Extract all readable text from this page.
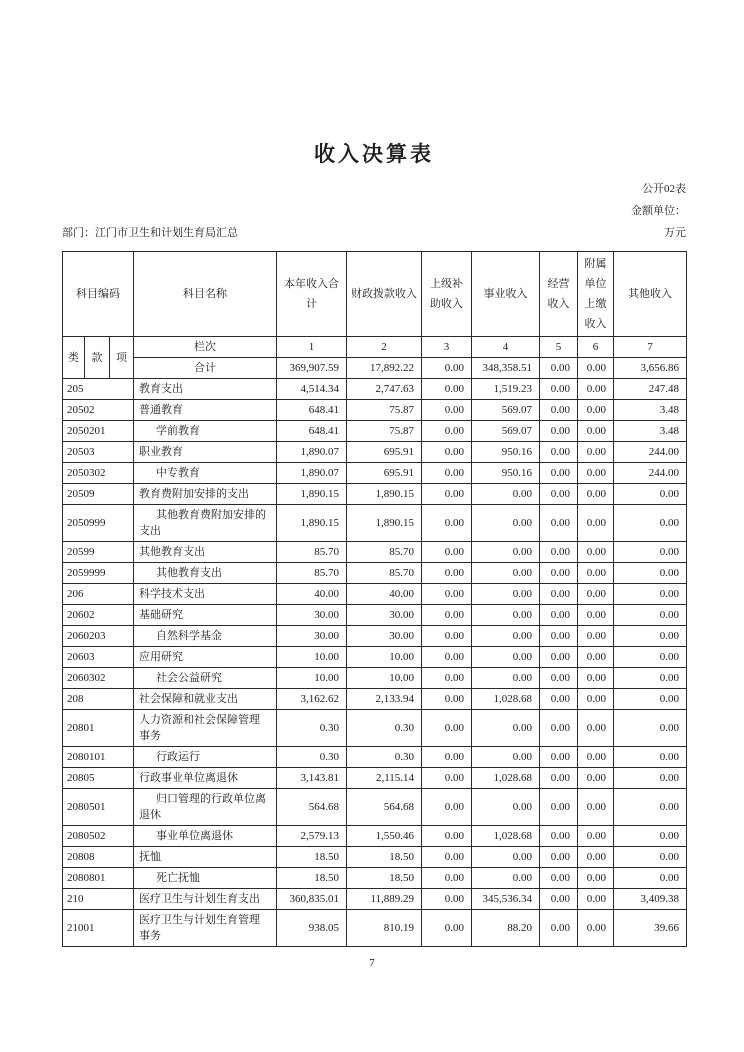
收入决算表
公开02表
金额单位：
部门：江门市卫生和计划生育局汇总	万元
科目编码			科目名称	本年收入合计	财政拨款收入	上级补助收入	事业收入	经营收入	附属单位上缴收入	其他收入
类	款	项	栏次	1	2	3	4	5	6	7
			合计	369,907.59	17,892.22	0.00	348,358.51	0.00	0.00	3,656.86
205			教育支出	4,514.34	2,747.63	0.00	1,519.23	0.00	0.00	247.48
20502			普通教育	648.41	75.87	0.00	569.07	0.00	0.00	3.48
2050201			学前教育	648.41	75.87	0.00	569.07	0.00	0.00	3.48
20503			职业教育	1,890.07	695.91	0.00	950.16	0.00	0.00	244.00
2050302			中专教育	1,890.07	695.91	0.00	950.16	0.00	0.00	244.00
20509			教育费附加安排的支出	1,890.15	1,890.15	0.00	0.00	0.00	0.00	0.00
2050999			其他教育费附加安排的支出	1,890.15	1,890.15	0.00	0.00	0.00	0.00	0.00
20599			其他教育支出	85.70	85.70	0.00	0.00	0.00	0.00	0.00
2059999			其他教育支出	85.70	85.70	0.00	0.00	0.00	0.00	0.00
206			科学技术支出	40.00	40.00	0.00	0.00	0.00	0.00	0.00
20602			基础研究	30.00	30.00	0.00	0.00	0.00	0.00	0.00
2060203			自然科学基金	30.00	30.00	0.00	0.00	0.00	0.00	0.00
20603			应用研究	10.00	10.00	0.00	0.00	0.00	0.00	0.00
2060302			社会公益研究	10.00	10.00	0.00	0.00	0.00	0.00	0.00
208			社会保障和就业支出	3,162.62	2,133.94	0.00	1,028.68	0.00	0.00	0.00
20801			人力资源和社会保障管理事务	0.30	0.30	0.00	0.00	0.00	0.00	0.00
2080101			行政运行	0.30	0.30	0.00	0.00	0.00	0.00	0.00
20805			行政事业单位离退休	3,143.81	2,115.14	0.00	1,028.68	0.00	0.00	0.00
2080501			归口管理的行政单位离退休	564.68	564.68	0.00	0.00	0.00	0.00	0.00
2080502			事业单位离退休	2,579.13	1,550.46	0.00	1,028.68	0.00	0.00	0.00
20808			抚恤	18.50	18.50	0.00	0.00	0.00	0.00	0.00
2080801			死亡抚恤	18.50	18.50	0.00	0.00	0.00	0.00	0.00
210			医疗卫生与计划生育支出	360,835.01	11,889.29	0.00	345,536.34	0.00	0.00	3,409.38
21001			医疗卫生与计划生育管理事务	938.05	810.19	0.00	88.20	0.00	0.00	39.66
7
